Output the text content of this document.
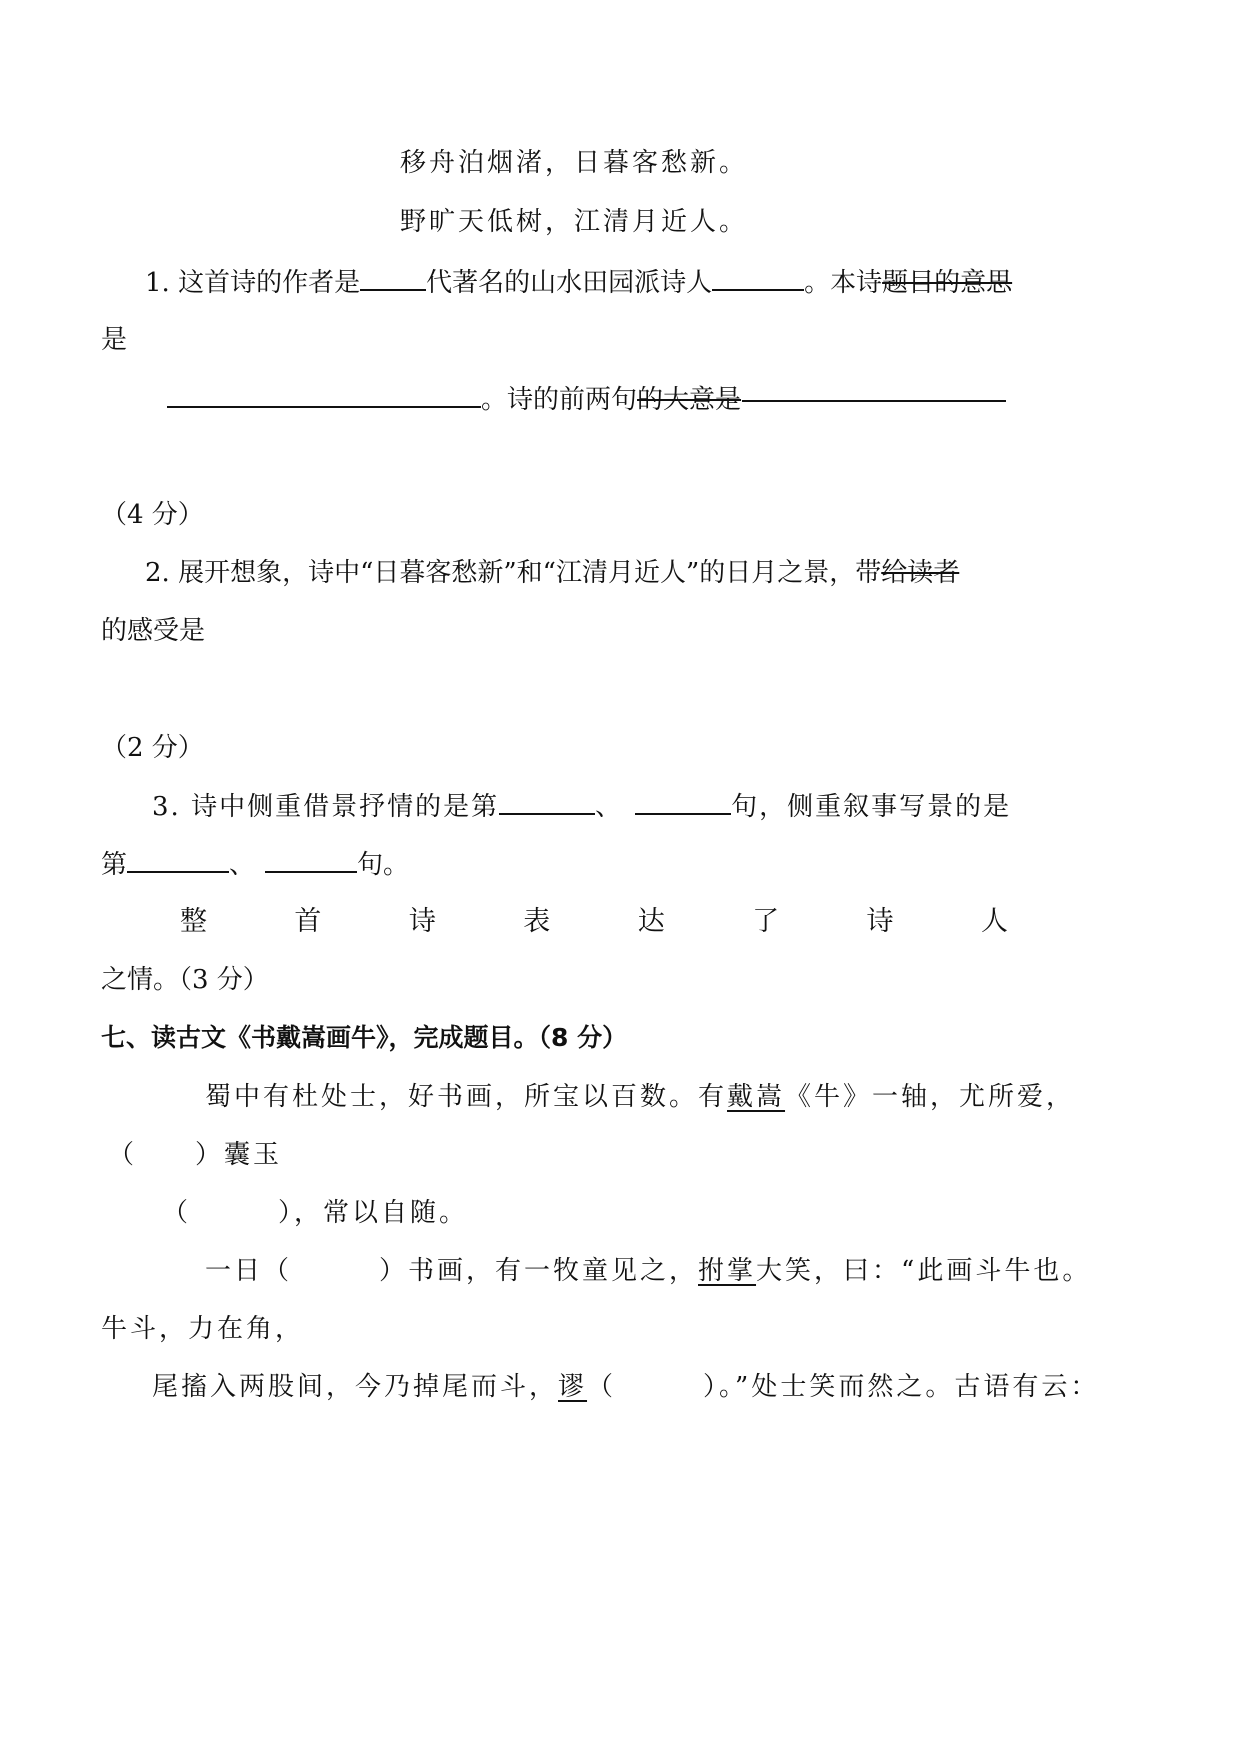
移舟泊烟渚，日暮客愁新。
野旷天低树，江清月近人。
1. 这首诗的作者是	代著名的山水田园派诗人	。本诗题目的意思
是
。诗的前两句的大意是
（4 分）
2. 展开想象，诗中“日暮客愁新”和“江清月近人”的日月之景，带给读者
的感受是
（2 分）
3. 诗中侧重借景抒情的是第	、	句，侧重叙事写景的是
第	、	句。
整	首	诗	表	达	了	诗	人
之情。（3 分）
七、读古文《书戴嵩画牛》，完成题目。（8 分）
蜀中有杜处士，好书画，所宝以百数。有戴嵩《牛》一轴，尤所爱，
（　　）囊玉
（　　　），常以自随。
一日（　　　）书画，有一牧童见之，拊掌大笑，曰：“此画斗牛也。
牛斗，力在角，
尾搐入两股间，今乃掉尾而斗，谬（　　　）。”处士笑而然之。古语有云：
